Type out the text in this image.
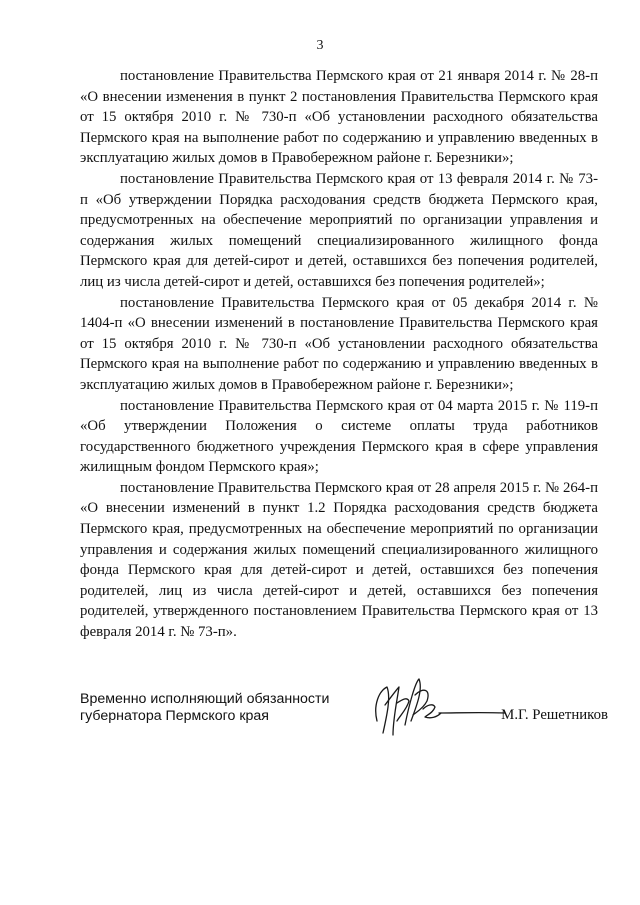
3

постановление Правительства Пермского края от 21 января 2014 г. № 28-п «О внесении изменения в пункт 2 постановления Правительства Пермского края от 15 октября 2010 г. № 730-п «Об установлении расходного обязательства Пермского края на выполнение работ по содержанию и управлению введенных в эксплуатацию жилых домов в Правобережном районе г. Березники»;

постановление Правительства Пермского края от 13 февраля 2014 г. № 73-п «Об утверждении Порядка расходования средств бюджета Пермского края, предусмотренных на обеспечение мероприятий по организации управления и содержания жилых помещений специализированного жилищного фонда Пермского края для детей-сирот и детей, оставшихся без попечения родителей, лиц из числа детей-сирот и детей, оставшихся без попечения родителей»;

постановление Правительства Пермского края от 05 декабря 2014 г. № 1404-п «О внесении изменений в постановление Правительства Пермского края от 15 октября 2010 г. № 730-п «Об установлении расходного обязательства Пермского края на выполнение работ по содержанию и управлению введенных в эксплуатацию жилых домов в Правобережном районе г. Березники»;

постановление Правительства Пермского края от 04 марта 2015 г. № 119-п «Об утверждении Положения о системе оплаты труда работников государственного бюджетного учреждения Пермского края в сфере управления жилищным фондом Пермского края»;

постановление Правительства Пермского края от 28 апреля 2015 г. № 264-п «О внесении изменений в пункт 1.2 Порядка расходования средств бюджета Пермского края, предусмотренных на обеспечение мероприятий по организации управления и содержания жилых помещений специализированного жилищного фонда Пермского края для детей-сирот и детей, оставшихся без попечения родителей, лиц из числа детей-сирот и детей, оставшихся без попечения родителей, утвержденного постановлением Правительства Пермского края от 13 февраля 2014 г. № 73-п».

Временно исполняющий обязанности
губернатора Пермского края	М.Г. Решетников
